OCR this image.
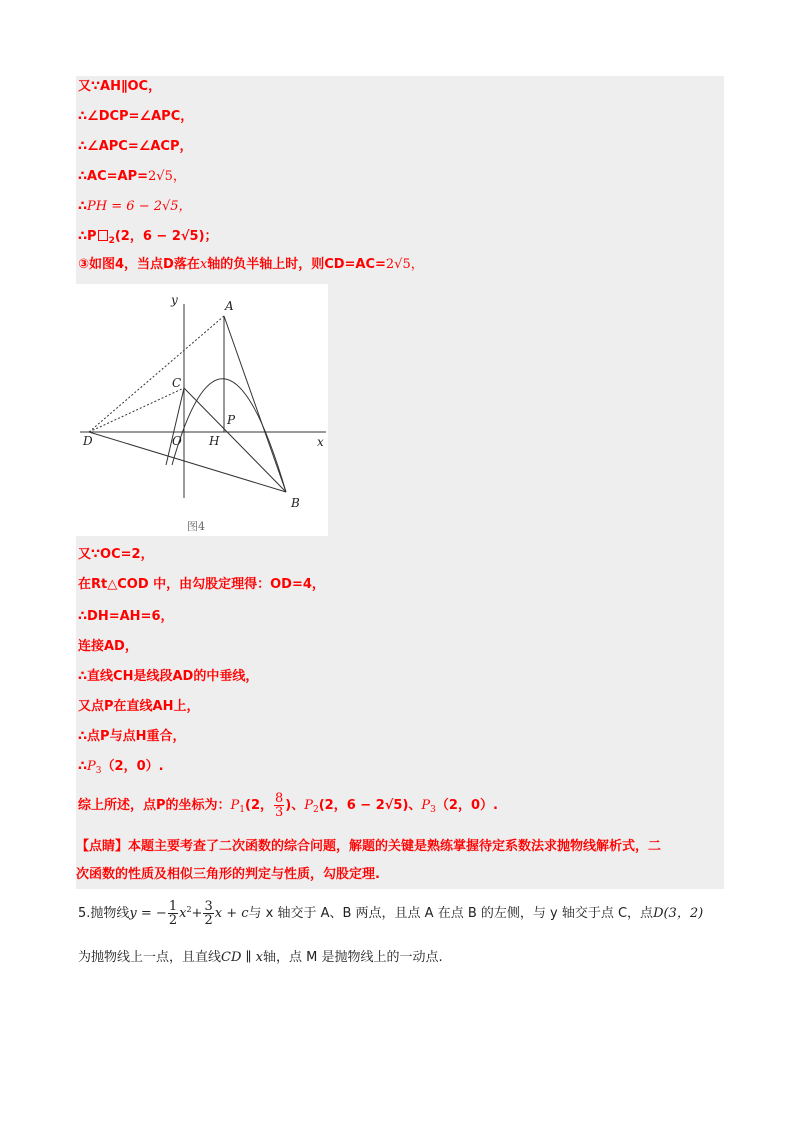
又∵AH∥OC，
∴∠DCP=∠APC，
∴∠APC=∠ACP，
∴AC=AP=2√5，
∴PH = 6 − 2√5，
∴P $_2$(2，6 − 2√5)；
③如图4，当点D落在x轴的负半轴上时，则CD=AC=2√5，
y
x
A
C
P
D	O H
B
图4
又∵OC=2，
在Rt△COD 中，由勾股定理得：OD=4，
∴DH=AH=6，
连接AD，
∴直线CH是线段AD的中垂线，
又点P在直线AH上，
∴点P与点H重合，
$\therefore P_3(2$，0）.
综上所述，点P的坐标为：$P_1(2$， $\frac{8}{3}$ )、$P_2(2$，6 − 2√5)、$P_3(2$，0）.
【点睛】本题主要考查了二次函数的综合问题，解题的关键是熟练掌握待定系数法求抛物线解析式，二
次函数的性质及相似三角形的判定与性质，勾股定理.
5.抛物线y = − $\frac{1}{2} x^2+ \frac{3}{2}$ x + c与 x 轴交于 A、B 两点，且点 A 在点 B 的左侧，与 y 轴交于点 C，点D(3，2)
为抛物线上一点，且直线CD ∥ x轴，点 M 是抛物线上的一动点.
